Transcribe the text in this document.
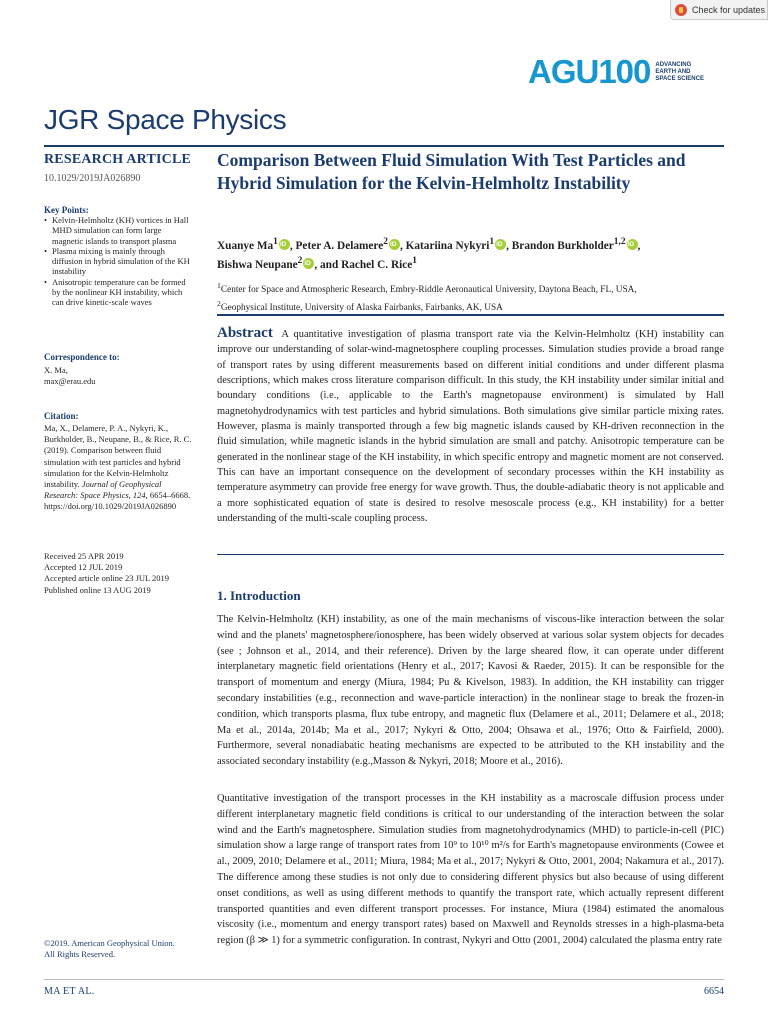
Check for updates
AGU100 ADVANCING
EARTH AND
SPACE SCIENCE
JGR Space Physics
RESEARCH ARTICLE
10.1029/2019JA026890
Key Points:
• Kelvin-Helmholtz (KH) vortices in Hall MHD simulation can form large magnetic islands to transport plasma
• Plasma mixing is mainly through diffusion in hybrid simulation of the KH instability
• Anisotropic temperature can be formed by the nonlinear KH instability, which can drive kinetic-scale waves
Correspondence to:
X. Ma,
max@erau.edu
Citation:
Ma, X., Delamere, P. A., Nykyri, K., Burkholder, B., Neupane, B., & Rice, R. C. (2019). Comparison between fluid simulation with test particles and hybrid simulation for the Kelvin-Helmholtz instability. Journal of Geophysical Research: Space Physics, 124, 6654–6668. https://doi.org/10.1029/2019JA026890
Received 25 APR 2019
Accepted 12 JUL 2019
Accepted article online 23 JUL 2019
Published online 13 AUG 2019
©2019. American Geophysical Union.
All Rights Reserved.
Comparison Between Fluid Simulation With Test Particles and Hybrid Simulation for the Kelvin-Helmholtz Instability
Xuanye Ma$^1$ iD , Peter A. Delamere$^2$ iD , Katariina Nykyri$^1$ iD , Brandon Burkholder$^{1,2}$ iD ,
Bishwa Neupane$^2$ iD , and Rachel C. Rice$^1$
$^1$Center for Space and Atmospheric Research, Embry-Riddle Aeronautical University, Daytona Beach, FL, USA,
$^2$Geophysical Institute, University of Alaska Fairbanks, Fairbanks, AK, USA

Abstract A quantitative investigation of plasma transport rate via the Kelvin-Helmholtz (KH) instability can improve our understanding of solar-wind-magnetosphere coupling processes. Simulation studies provide a broad range of transport rates by using different measurements based on different initial conditions and under different plasma descriptions, which makes cross literature comparison difficult. In this study, the KH instability under similar initial and boundary conditions (i.e., applicable to the Earth's magnetopause environment) is simulated by Hall magnetohydrodynamics with test particles and hybrid simulations. Both simulations give similar particle mixing rates. However, plasma is mainly transported through a few big magnetic islands caused by KH-driven reconnection in the fluid simulation, while magnetic islands in the hybrid simulation are small and patchy. Anisotropic temperature can be generated in the nonlinear stage of the KH instability, in which specific entropy and magnetic moment are not conserved. This can have an important consequence on the development of secondary processes within the KH instability as temperature asymmetry can provide free energy for wave growth. Thus, the double-adiabatic theory is not applicable and a more sophisticated equation of state is desired to resolve mesoscale process (e.g., KH instability) for a better understanding of the multi-scale coupling process.

1. Introduction

The Kelvin-Helmholtz (KH) instability, as one of the main mechanisms of viscous-like interaction between the solar wind and the planets' magnetosphere/ionosphere, has been widely observed at various solar system objects for decades (see ; Johnson et al., 2014, and their reference). Driven by the large sheared flow, it can operate under different interplanetary magnetic field orientations (Henry et al., 2017; Kavosi & Raeder, 2015). It can be responsible for the transport of momentum and energy (Miura, 1984; Pu & Kivelson, 1983). In addition, the KH instability can trigger secondary instabilities (e.g., reconnection and wave-particle interaction) in the nonlinear stage to break the frozen-in condition, which transports plasma, flux tube entropy, and magnetic flux (Delamere et al., 2011; Delamere et al., 2018; Ma et al., 2014a, 2014b; Ma et al., 2017; Nykyri & Otto, 2004; Ohsawa et al., 1976; Otto & Fairfield, 2000). Furthermore, several nonadiabatic heating mechanisms are expected to be attributed to the KH instability and the associated secondary instability (e.g.,Masson & Nykyri, 2018; Moore et al., 2016).

Quantitative investigation of the transport processes in the KH instability as a macroscale diffusion process under different interplanetary magnetic field conditions is critical to our understanding of the interaction between the solar wind and the Earth's magnetosphere. Simulation studies from magnetohydrodynamics (MHD) to particle-in-cell (PIC) simulation show a large range of transport rates from 10⁹ to 10¹⁰ m²/s for Earth's magnetopause environments (Cowee et al., 2009, 2010; Delamere et al., 2011; Miura, 1984; Ma et al., 2017; Nykyri & Otto, 2001, 2004; Nakamura et al., 2017). The difference among these studies is not only due to considering different physics but also because of using different onset conditions, as well as using different methods to quantify the transport rate, which actually represent different transported quantities and even different transport processes. For instance, Miura (1984) estimated the anomalous viscosity (i.e., momentum and energy transport rates) based on Maxwell and Reynolds stresses in a high-plasma-beta region (β ≫ 1) for a symmetric configuration. In contrast, Nykyri and Otto (2001, 2004) calculated the plasma entry rate

MA ET AL.	6654
